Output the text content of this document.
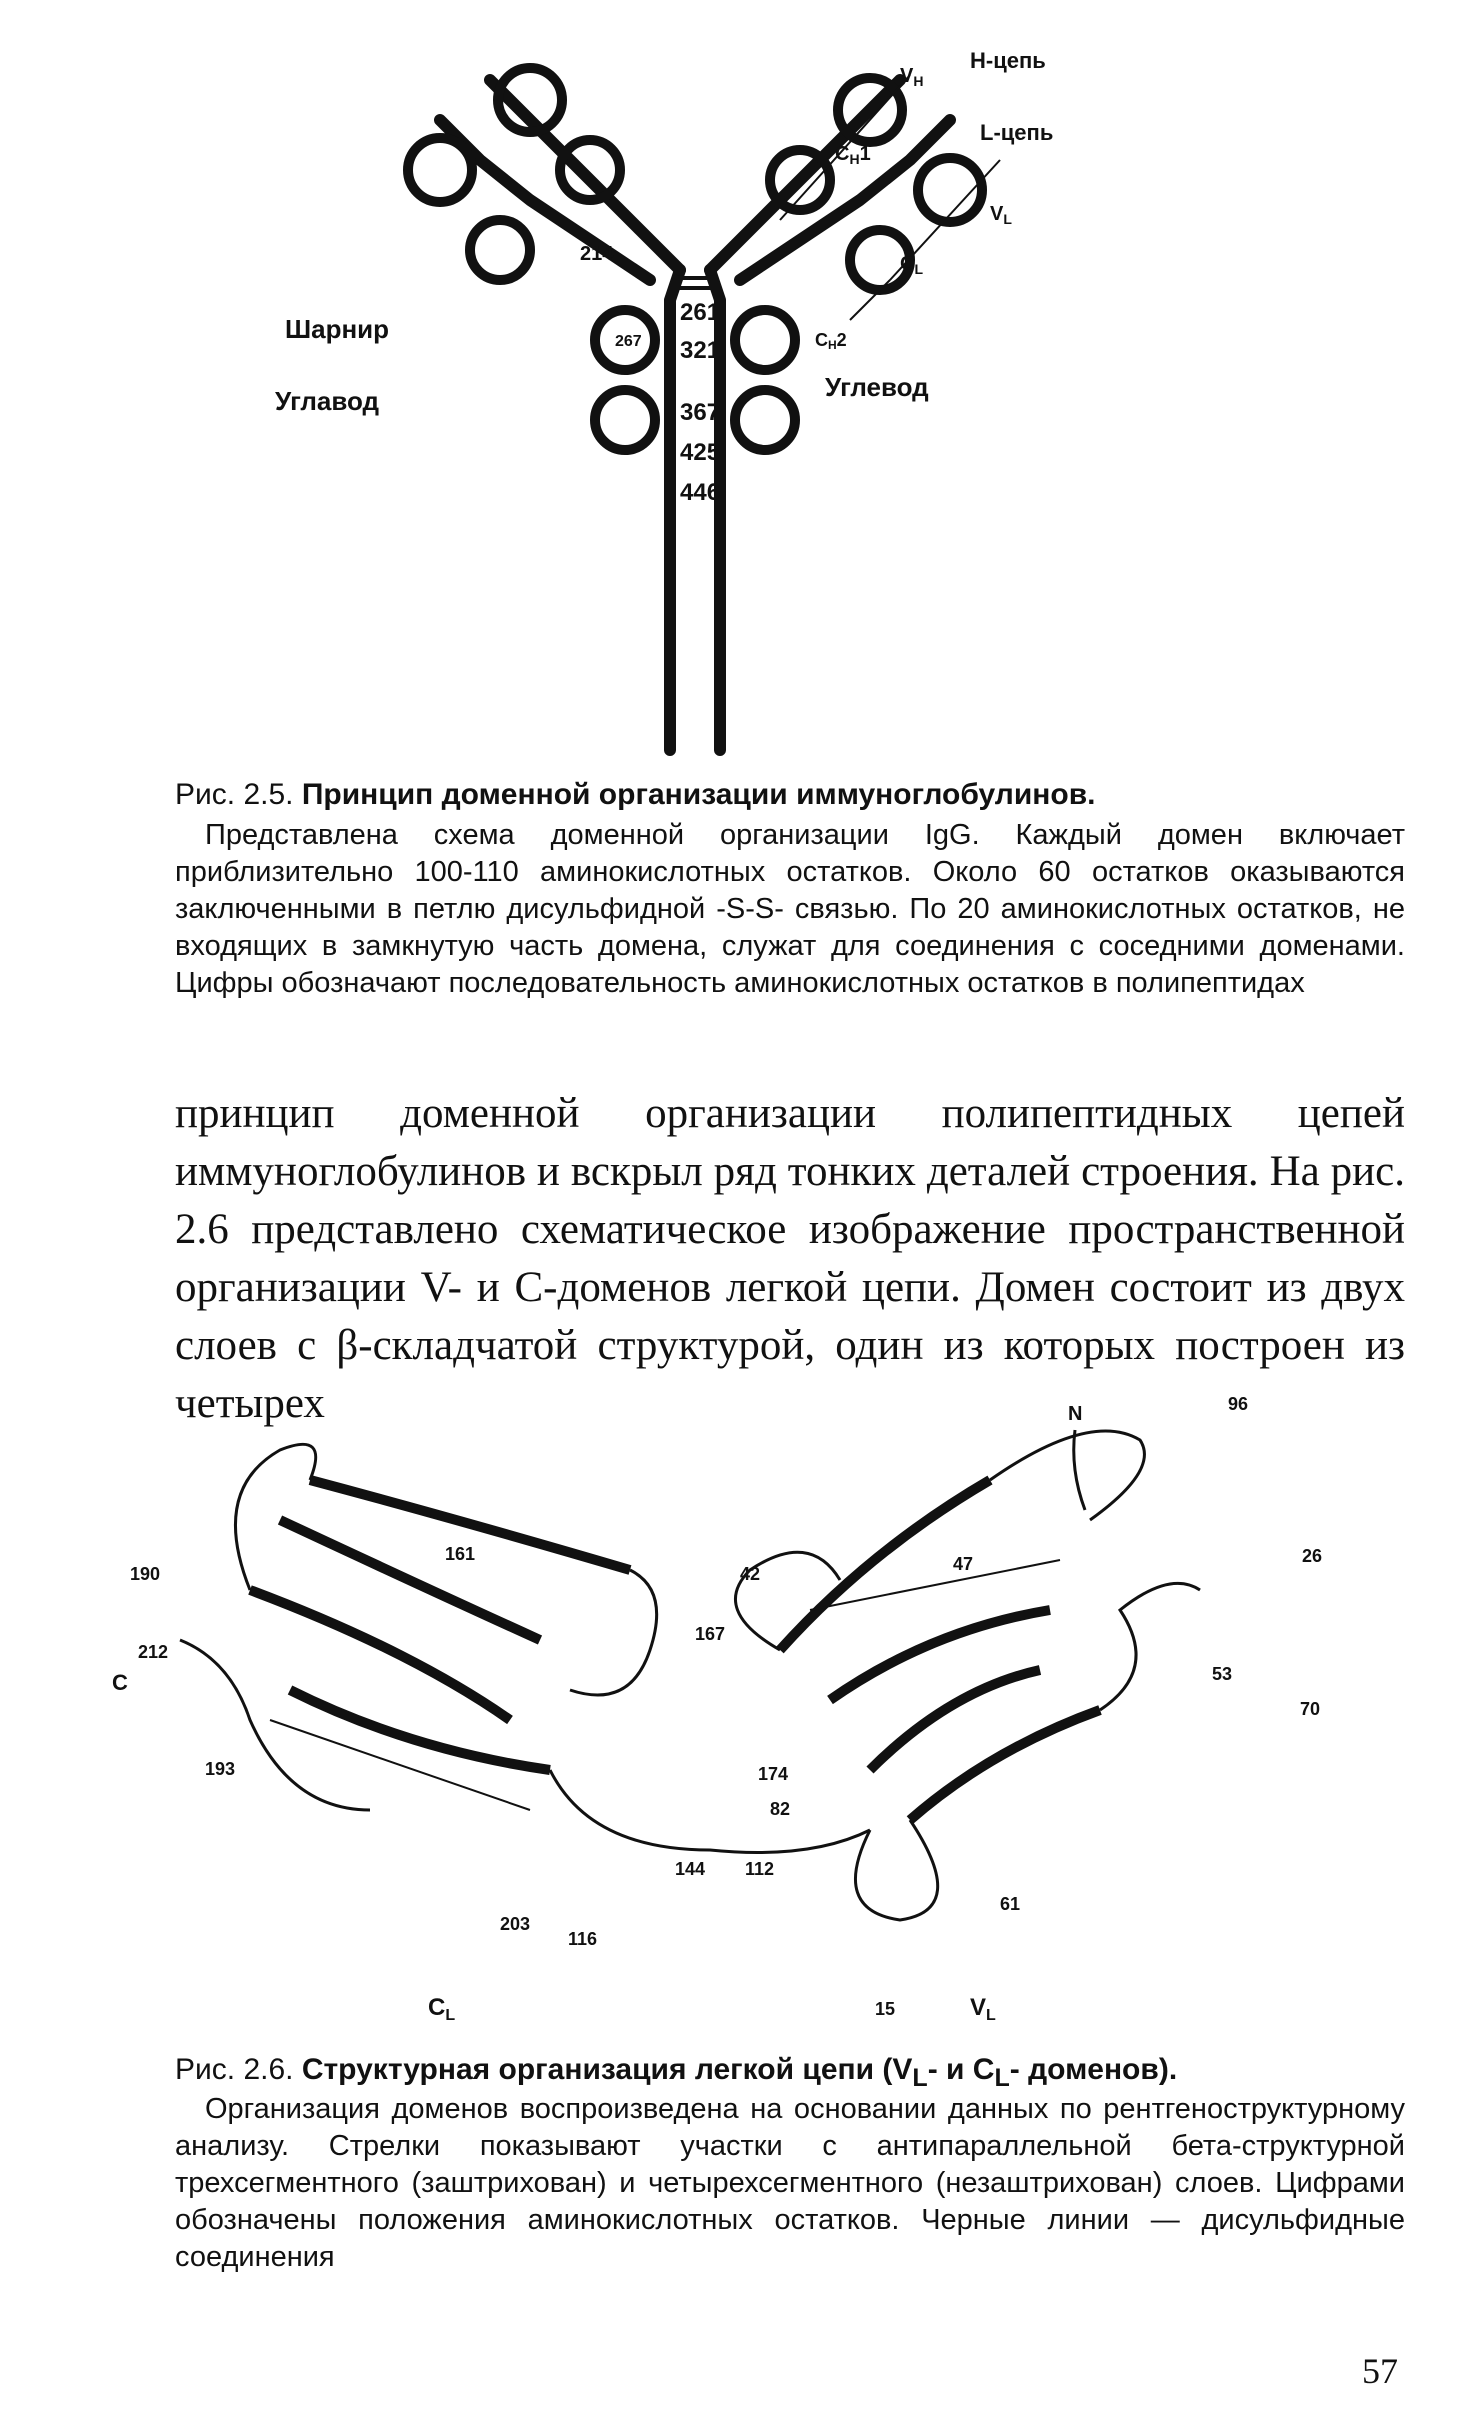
$V_H$
H-цепь
L-цепь
$C_H1$
$V_L$
$C_L$
214
Шарнир
261
267 321	CH2
Углавод	Углевод
367
425
446
Рис. 2.5. Принцип доменной организации иммуноглобулинов.
Представлена схема доменной организации IgG. Каждый домен включает приблизительно 100-110 аминокислотных остатков. Около 60 остатков оказываются заключенными в петлю дисульфидной -S-S- связью. По 20 аминокислотных остатков, не входящих в замкнутую часть домена, служат для соединения с соседними доменами. Цифры обозначают последовательность аминокислотных остатков в полипептидах
принцип доменной организации полипептидных цепей иммуноглобулинов и вскрыл ряд тонких деталей строения. На рис. 2.6 представлено схематическое изображение пространственной организации V- и C-доменов легкой цепи. Домен состоит из двух слоев с β-складчатой структурой, один из которых построен из четырех	96
N
161	47	26
190	42
167
212
C	53
70
193	174
82
144 112
61
203
116
15
$C_L$	$V_L$
Рис. 2.6. Структурная организация легкой цепи ($V_L-$ и $C_L-$ доменов).
Организация доменов воспроизведена на основании данных по рентгеноструктурному анализу. Стрелки показывают участки с антипараллельной бета-структурной трехсегментного (заштрихован) и четырехсегментного (незаштрихован) слоев. Цифрами обозначены положения аминокислотных остатков. Черные линии — дисульфидные соединения
57
